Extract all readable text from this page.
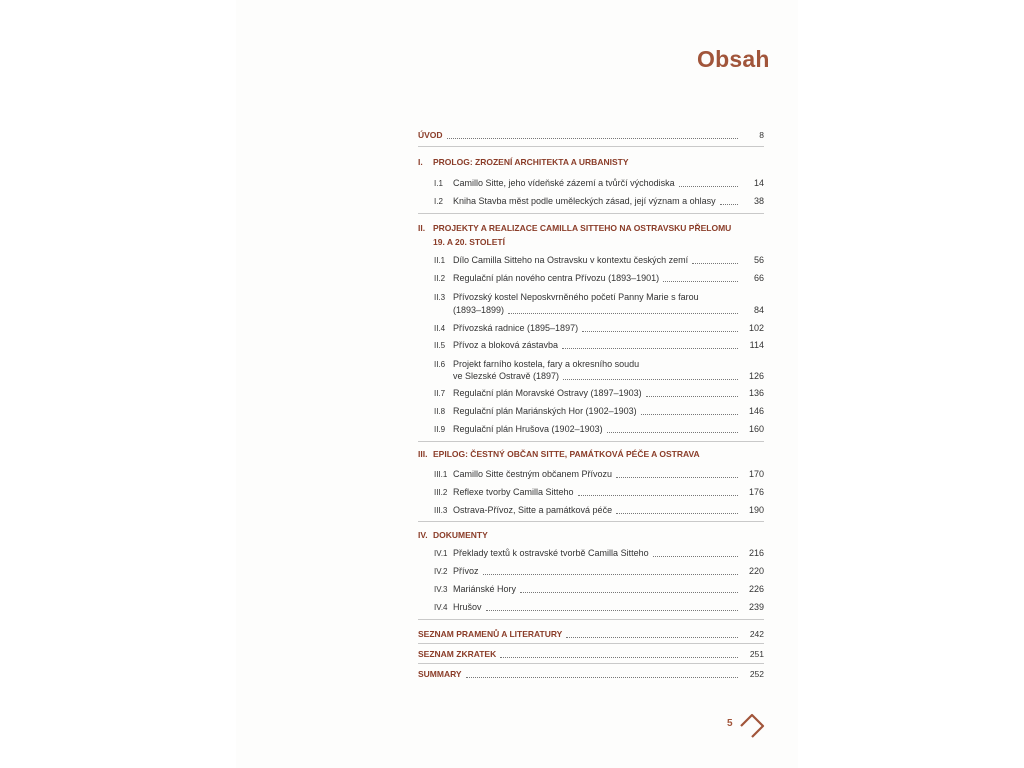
Obsah
ÚVOD	8
I. PROLOG: ZROZENÍ ARCHITEKTA A URBANISTY
I.1 Camillo Sitte, jeho vídeňské zázemí a tvůrčí východiska	14
I.2 Kniha Stavba měst podle uměleckých zásad, její význam a ohlasy	38
II. PROJEKTY A REALIZACE CAMILLA SITTEHO NA OSTRAVSKU PŘELOMU
19. A 20. STOLETÍ
II.1 Dílo Camilla Sitteho na Ostravsku v kontextu českých zemí	56
II.2 Regulační plán nového centra Přívozu (1893–1901)	66
II.3 Přívozský kostel Neposkvrněného početí Panny Marie s farou
(1893–1899)	84
II.4 Přívozská radnice (1895–1897)	102
II.5 Přívoz a bloková zástavba	114
II.6 Projekt farního kostela, fary a okresního soudu
ve Slezské Ostravě (1897)	126
II.7 Regulační plán Moravské Ostravy (1897–1903)	136
II.8 Regulační plán Mariánských Hor (1902–1903)	146
II.9 Regulační plán Hrušova (1902–1903)	160
III. EPILOG: ČESTNÝ OBČAN SITTE, PAMÁTKOVÁ PÉČE A OSTRAVA
III.1 Camillo Sitte čestným občanem Přívozu	170
III.2 Reflexe tvorby Camilla Sitteho	176
III.3 Ostrava-Přívoz, Sitte a památková péče	190
IV. DOKUMENTY
IV.1 Překlady textů k ostravské tvorbě Camilla Sitteho	216
IV.2 Přívoz	220
IV.3 Mariánské Hory	226
IV.4 Hrušov	239
SEZNAM PRAMENŮ A LITERATURY	242
SEZNAM ZKRATEK	251
SUMMARY	252
5
